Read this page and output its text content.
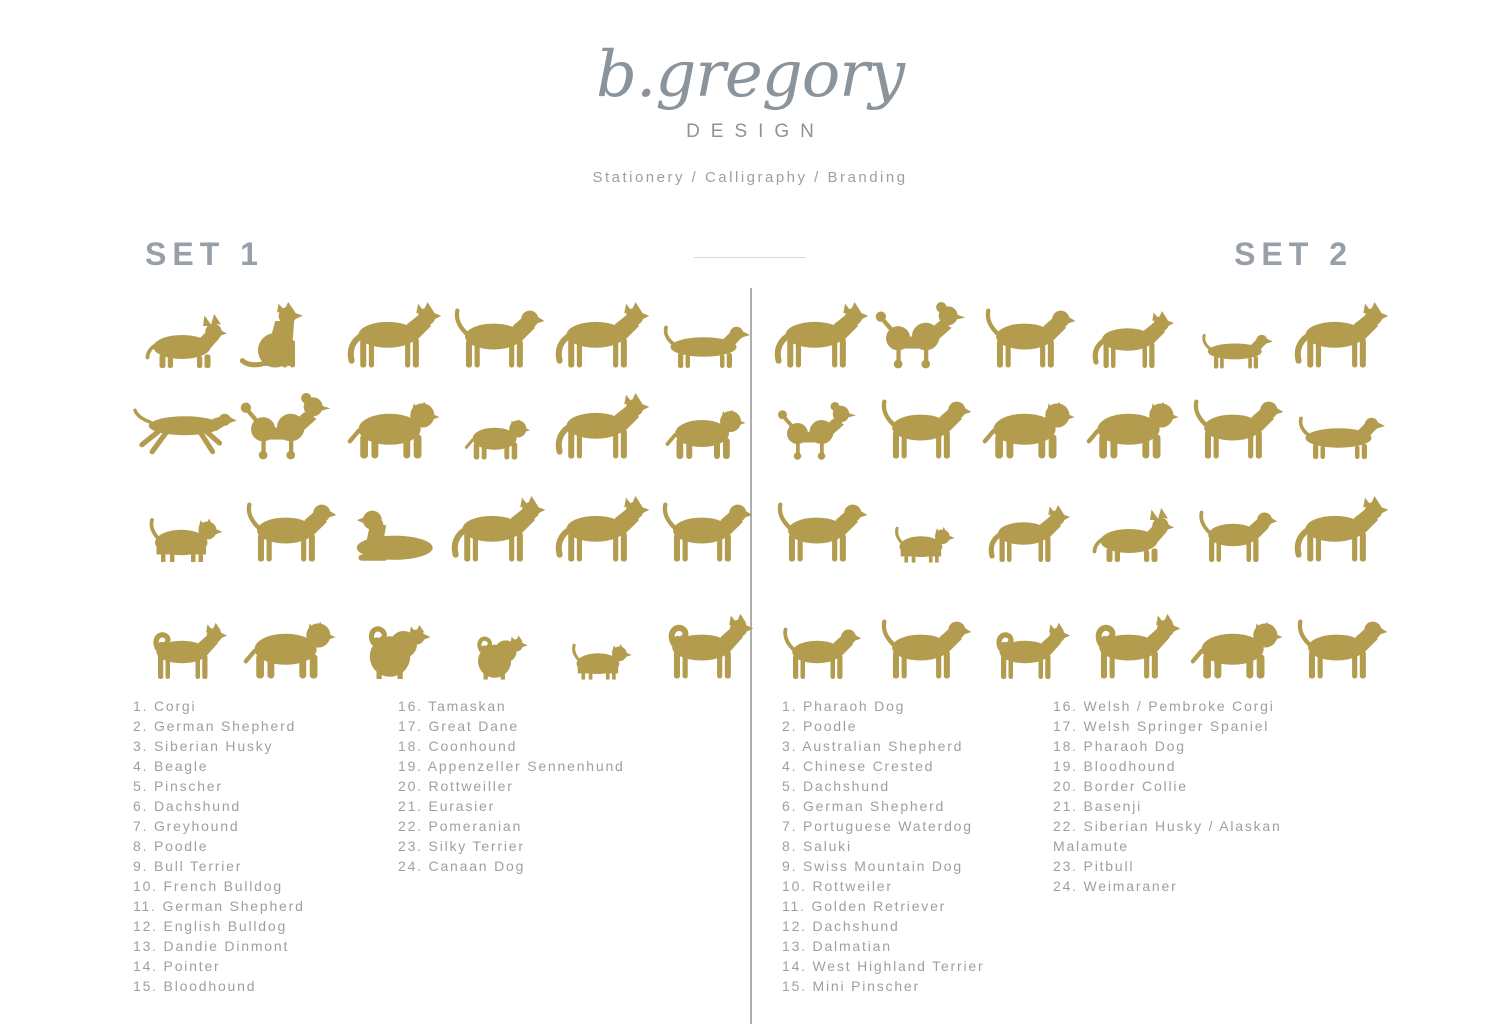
b.gregory
DESIGN
Stationery / Calligraphy / Branding
SET 1	SET 2
1. Corgi
2. German Shepherd
3. Siberian Husky
4. Beagle
5. Pinscher
6. Dachshund
7. Greyhound
8. Poodle
9. Bull Terrier
10. French Bulldog
11. German Shepherd
12. English Bulldog
13. Dandie Dinmont
14. Pointer
15. Bloodhound
16. Tamaskan
17. Great Dane
18. Coonhound
19. Appenzeller Sennenhund
20. Rottweiller
21. Eurasier
22. Pomeranian
23. Silky Terrier
24. Canaan Dog
1. Pharaoh Dog
2. Poodle
3. Australian Shepherd
4. Chinese Crested
5. Dachshund
6. German Shepherd
7. Portuguese Waterdog
8. Saluki
9. Swiss Mountain Dog
10. Rottweiler
11. Golden Retriever
12. Dachshund
13. Dalmatian
14. West Highland Terrier
15. Mini Pinscher
16. Welsh / Pembroke Corgi
17. Welsh Springer Spaniel
18. Pharaoh Dog
19. Bloodhound
20. Border Collie
21. Basenji
22. Siberian Husky / Alaskan Malamute
23. Pitbull
24. Weimaraner
